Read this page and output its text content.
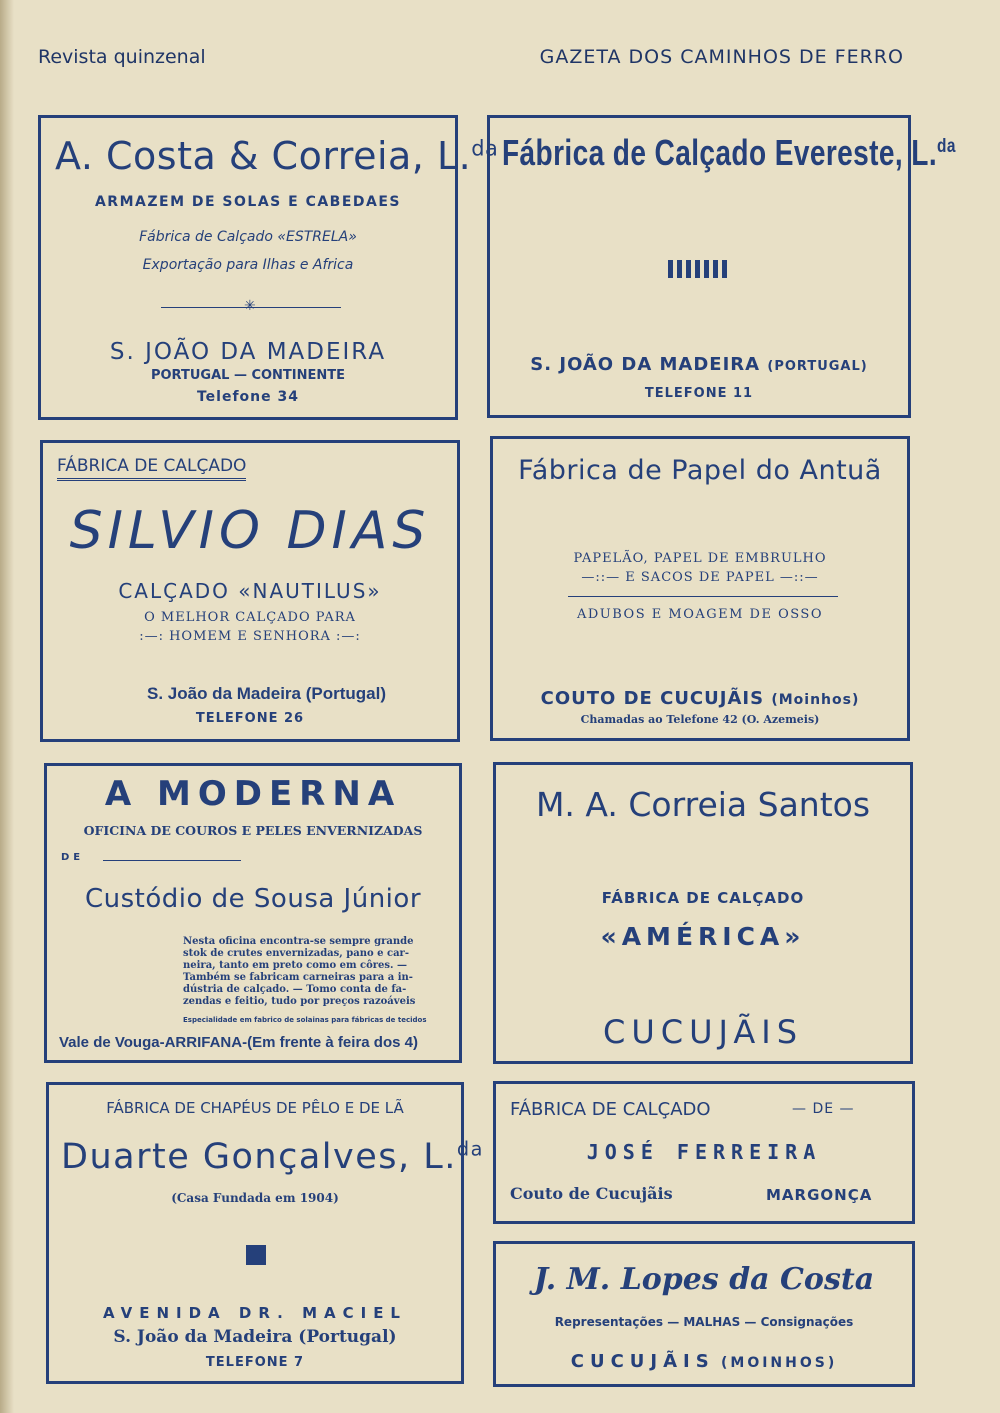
Revista quinzenal	GAZETA DOS CAMINHOS DE FERRO
A. Costa & Correia, L.$^{da}$
ARMAZEM DE SOLAS E CABEDAES
Fábrica de Calçado «ESTRELA»
Exportação para Ilhas e Africa
✳
S. JOÃO DA MADEIRA
PORTUGAL — CONTINENTE
Telefone 34
Fábrica de Calçado Evereste, L.$^{da}$
S. JOÃO DA MADEIRA (PORTUGAL)
TELEFONE 11
FÁBRICA DE CALÇADO
SILVIO DIAS
CALÇADO «NAUTILUS»
O MELHOR CALÇADO PARA
:—: HOMEM E SENHORA :—:
S. João da Madeira (Portugal)
TELEFONE 26
Fábrica de Papel do Antuã
PAPELÃO, PAPEL DE EMBRULHO
—::— E SACOS DE PAPEL —::—
ADUBOS E MOAGEM DE OSSO
COUTO DE CUCUJÃIS (Moinhos)
Chamadas ao Telefone 42 (O. Azemeis)
A MODERNA
OFICINA DE COUROS E PELES ENVERNIZADAS
DE
Custódio de Sousa Júnior
Nesta oficina encontra-se sempre grande
stok de crutes envernizadas, pano e car-
neira, tanto em preto como em côres. —
Também se fabricam carneiras para a in-
dústria de calçado. — Tomo conta de fa-
zendas e feitio, tudo por preços razoáveis
Especialidade em fabrico de solainas para fábricas de tecidos
Vale de Vouga-ARRIFANA-(Em frente à feira dos 4)
M. A. Correia Santos
FÁBRICA DE CALÇADO
«AMÉRICA»
CUCUJÃIS
FÁBRICA DE CHAPÉUS DE PÊLO E DE LÃ
Duarte Gonçalves, L.$^{da}$
(Casa Fundada em 1904)
AVENIDA DR. MACIEL
S. João da Madeira (Portugal)
TELEFONE 7
FÁBRICA DE CALÇADO	— DE —
JOSÉ FERREIRA
Couto de Cucujãis	MARGONÇA
J. M. Lopes da Costa
Representações — MALHAS — Consignações
CUCUJÃIS (MOINHOS)
